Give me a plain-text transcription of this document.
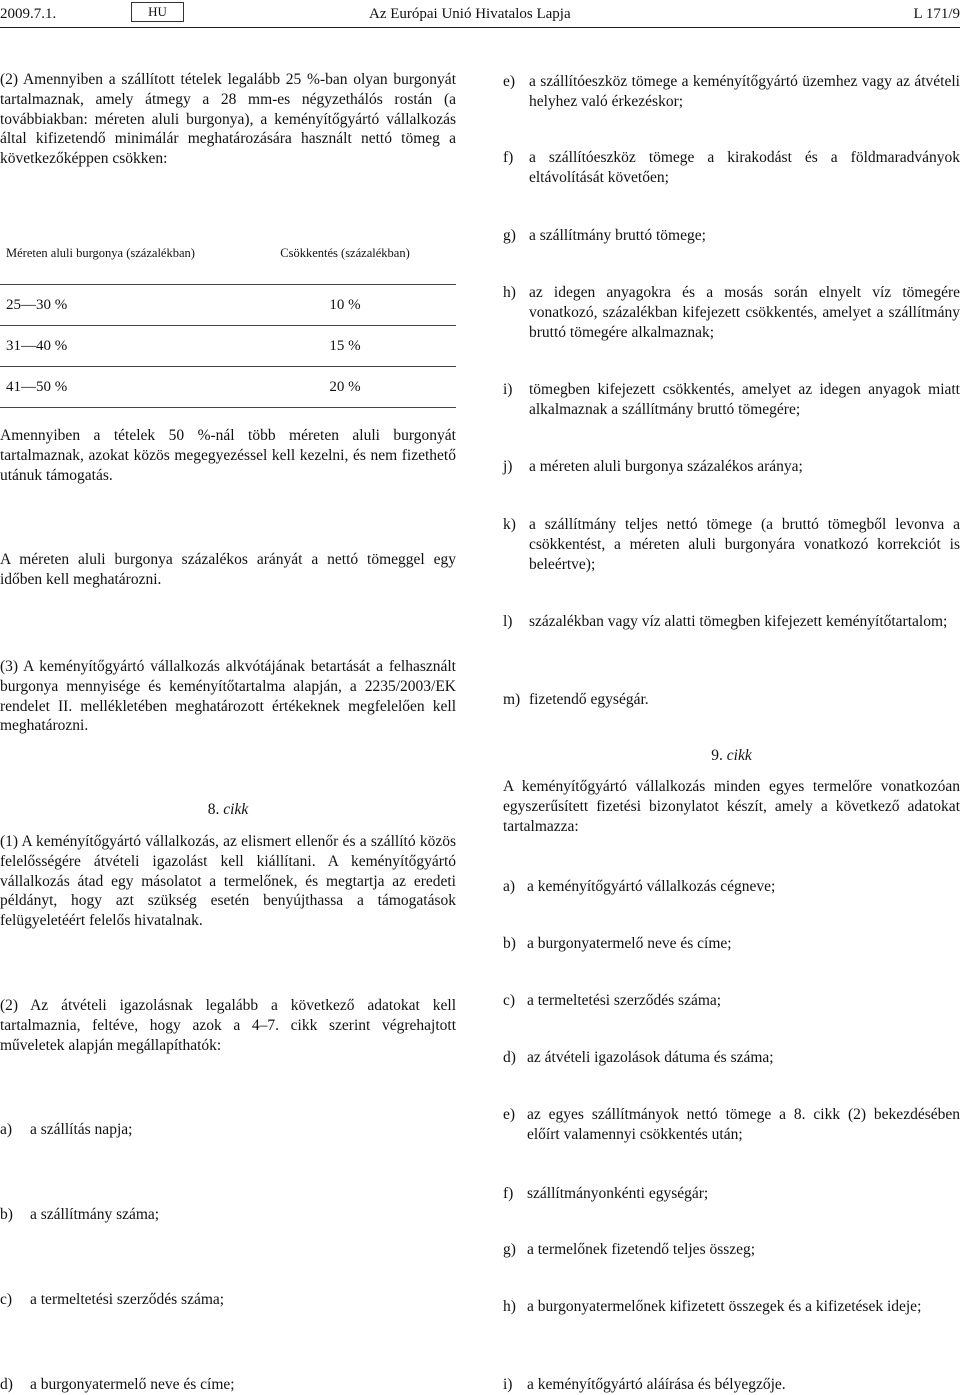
2009.7.1.	HU	Az Európai Unió Hivatalos Lapja	L 171/9
(2) Amennyiben a szállított tételek legalább 25 %-ban olyan burgonyát tartalmaznak, amely átmegy a 28 mm-es négyzethálós rostán (a továbbiakban: méreten aluli burgonya), a keményítőgyártó vállalkozás által kifizetendő minimálár meghatározására használt nettó tömeg a következőképpen csökken:
Méreten aluli burgonya (százalékban)	Csökkentés (százalékban)
25—30 %	10 %
31—40 %	15 %
41—50 %	20 %
Amennyiben a tételek 50 %-nál több méreten aluli burgonyát tartalmaznak, azokat közös megegyezéssel kell kezelni, és nem fizethető utánuk támogatás.
A méreten aluli burgonya százalékos arányát a nettó tömeggel egy időben kell meghatározni.
(3) A keményítőgyártó vállalkozás alkvótájának betartását a felhasznált burgonya mennyisége és keményítőtartalma alapján, a 2235/2003/EK rendelet II. mellékletében meghatározott értékeknek megfelelően kell meghatározni.
8. cikk
(1) A keményítőgyártó vállalkozás, az elismert ellenőr és a szállító közös felelősségére átvételi igazolást kell kiállítani. A keményítőgyártó vállalkozás átad egy másolatot a termelőnek, és megtartja az eredeti példányt, hogy azt szükség esetén benyújthassa a támogatások felügyeletéért felelős hivatalnak.
(2) Az átvételi igazolásnak legalább a következő adatokat kell tartalmaznia, feltéve, hogy azok a 4–7. cikk szerint végrehajtott műveletek alapján megállapíthatók:
a)	a szállítás napja;
b)	a szállítmány száma;
c)	a termeltetési szerződés száma;
d)	a burgonyatermelő neve és címe;
e) a szállítóeszköz tömege a keményítőgyártó üzemhez vagy az átvételi helyhez való érkezéskor;
f)	a szállítóeszköz tömege a kirakodást és a földmaradványok eltávolítását követően;
g) a szállítmány bruttó tömege;
h) az idegen anyagokra és a mosás során elnyelt víz tömegére vonatkozó, százalékban kifejezett csökkentés, amelyet a szállítmány bruttó tömegére alkalmaznak;
i)	tömegben kifejezett csökkentés, amelyet az idegen anyagok miatt alkalmaznak a szállítmány bruttó tömegére;
j)	a méreten aluli burgonya százalékos aránya;
k) a szállítmány teljes nettó tömege (a bruttó tömegből levonva a csökkentést, a méreten aluli burgonyára vonatkozó korrekciót is beleértve);
l)	százalékban vagy víz alatti tömegben kifejezett keményítőtartalom;
m) fizetendő egységár.
9. cikk
A keményítőgyártó vállalkozás minden egyes termelőre vonatkozóan egyszerűsített fizetési bizonylatot készít, amely a következő adatokat tartalmazza:
a) a keményítőgyártó vállalkozás cégneve;
b) a burgonyatermelő neve és címe;
c) a termeltetési szerződés száma;
d) az átvételi igazolások dátuma és száma;
e) az egyes szállítmányok nettó tömege a 8. cikk (2) bekezdésében előírt valamennyi csökkentés után;
f) szállítmányonkénti egységár;
g) a termelőnek fizetendő teljes összeg;
h) a burgonyatermelőnek kifizetett összegek és a kifizetések ideje;
i) a keményítőgyártó aláírása és bélyegzője.
